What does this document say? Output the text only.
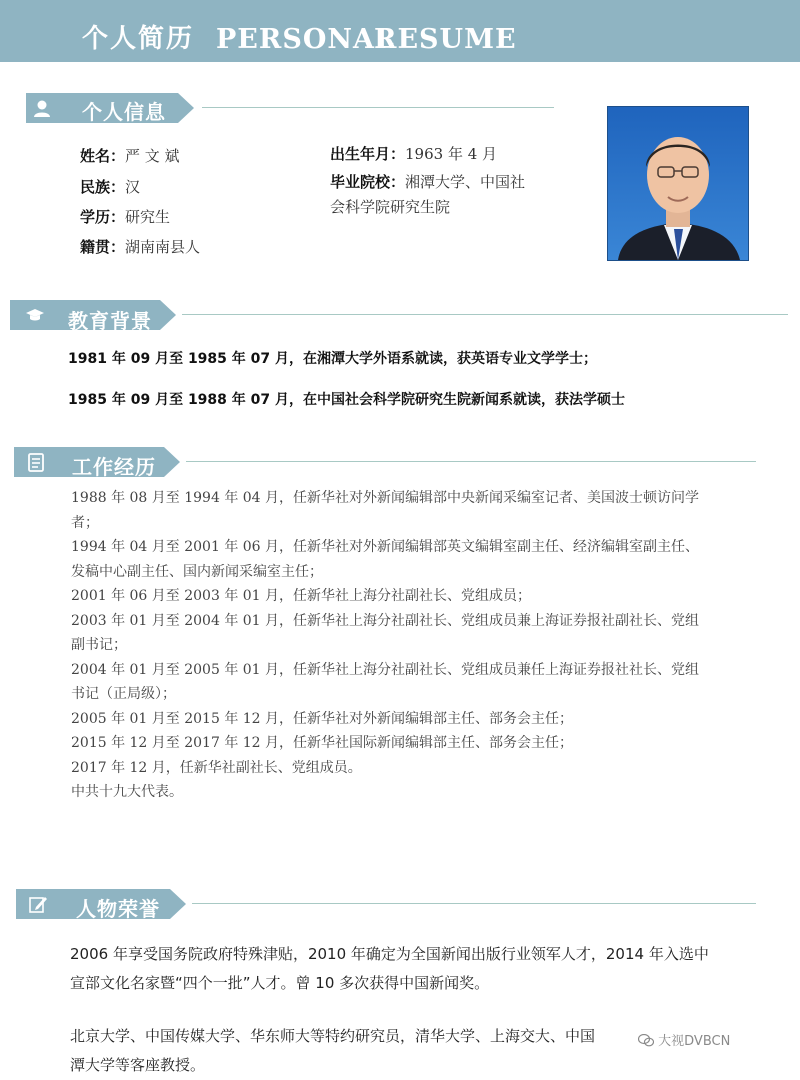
个人简历 PERSONAL
RESUME
个人信息
姓名：严 文 斌
民族：汉
学历：研究生
籍贯：湖南南县人
出生年月：1963 年 4 月
毕业院校：湘潭大学、中国社
会科学院研究生院
教育背景
1981 年 09 月至 1985 年 07 月，在湘潭大学外语系就读，获英语专业文学学士；
1985 年 09 月至 1988 年 07 月，在中国社会科学院研究生院新闻系就读，获法学硕士
工作经历
1988 年 08 月至 1994 年 04 月，任新华社对外新闻编辑部中央新闻采编室记者、美国波士顿访问学
者；
1994 年 04 月至 2001 年 06 月，任新华社对外新闻编辑部英文编辑室副主任、经济编辑室副主任、
发稿中心副主任、国内新闻采编室主任；
2001 年 06 月至 2003 年 01 月，任新华社上海分社副社长、党组成员；
2003 年 01 月至 2004 年 01 月，任新华社上海分社副社长、党组成员兼上海证券报社副社长、党组
副书记；
2004 年 01 月至 2005 年 01 月，任新华社上海分社副社长、党组成员兼任上海证券报社社长、党组
书记（正局级）；
2005 年 01 月至 2015 年 12 月，任新华社对外新闻编辑部主任、部务会主任；
2015 年 12 月至 2017 年 12 月，任新华社国际新闻编辑部主任、部务会主任；
2017 年 12 月，任新华社副社长、党组成员。
中共十九大代表。
人物荣誉
2006 年享受国务院政府特殊津贴，2010 年确定为全国新闻出版行业领军人才，2014 年入选中
宣部文化名家暨“四个一批”人才。曾 10 多次获得中国新闻奖。
北京大学、中国传媒大学、华东师大等特约研究员，清华大学、上海交大、中国
潭大学等客座教授。
大视DVBCN
